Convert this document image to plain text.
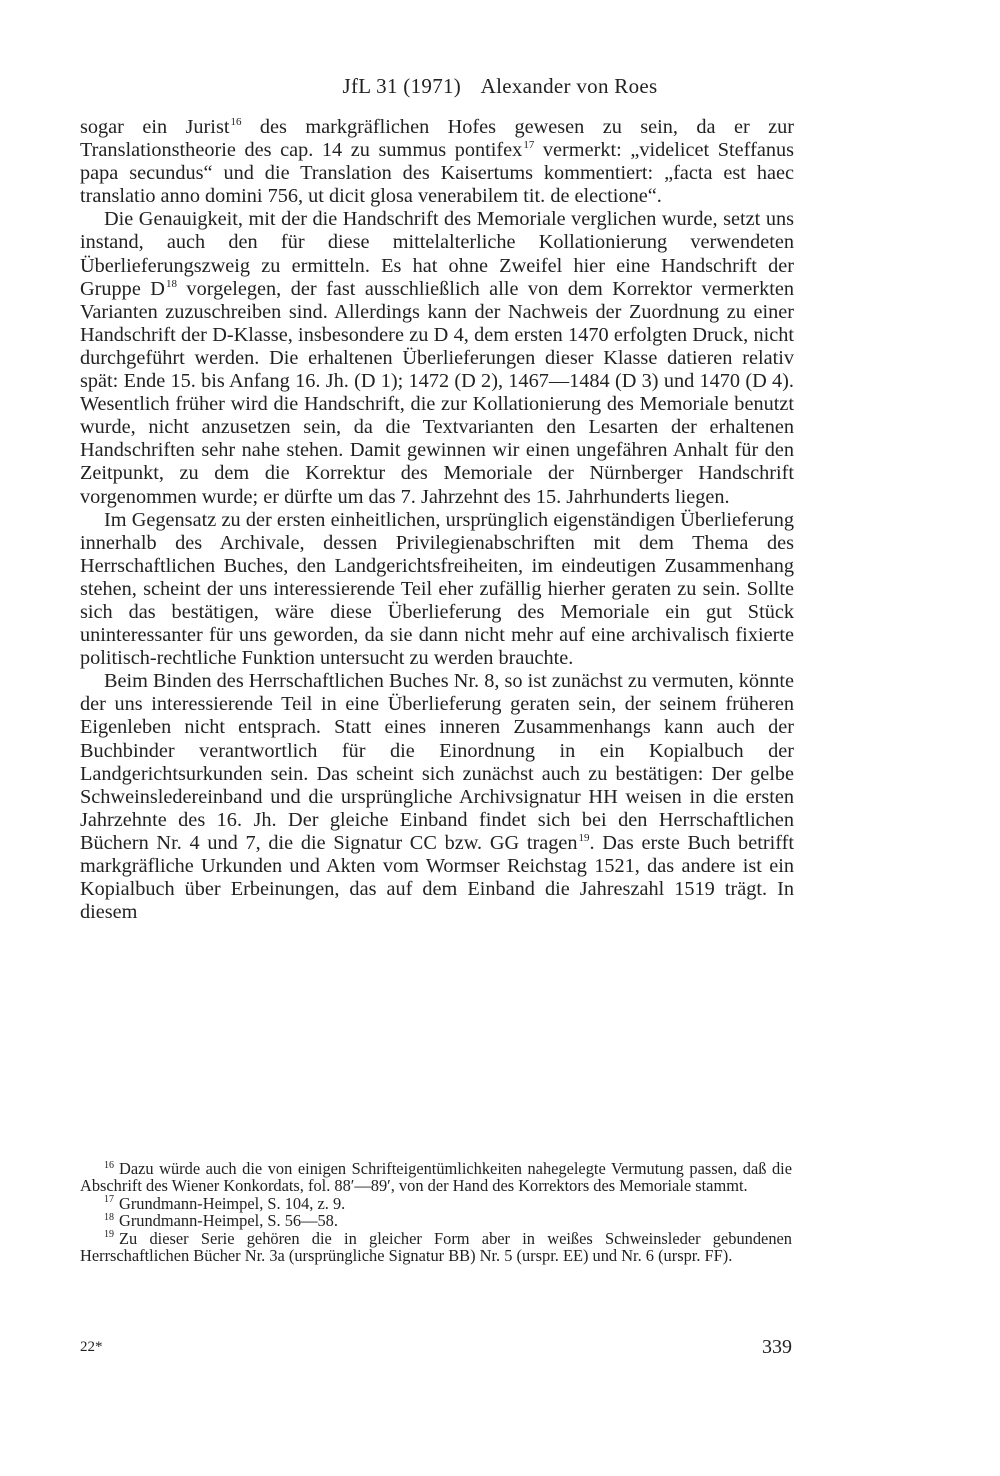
JfL 31 (1971) Alexander von Roes

sogar ein Jurist$^{16}$ des markgräflichen Hofes gewesen zu sein, da er zur Translationstheorie des cap. 14 zu summus pontifex$^{17}$ vermerkt: „videlicet Steffanus papa secundus“ und die Translation des Kaisertums kommentiert: „facta est haec translatio anno domini 756, ut dicit glosa venerabilem tit. de electione“.

Die Genauigkeit, mit der die Handschrift des Memoriale verglichen wurde, setzt uns instand, auch den für diese mittelalterliche Kollationierung verwendeten Überlieferungszweig zu ermitteln. Es hat ohne Zweifel hier eine Handschrift der Gruppe D$^{18}$ vorgelegen, der fast ausschließlich alle von dem Korrektor vermerkten Varianten zuzuschreiben sind. Allerdings kann der Nachweis der Zuordnung zu einer Handschrift der D-Klasse, insbesondere zu D 4, dem ersten 1470 erfolgten Druck, nicht durchgeführt werden. Die erhaltenen Überlieferungen dieser Klasse datieren relativ spät: Ende 15. bis Anfang 16. Jh. (D 1); 1472 (D 2), 1467—1484 (D 3) und 1470 (D 4). Wesentlich früher wird die Handschrift, die zur Kollationierung des Memoriale benutzt wurde, nicht anzusetzen sein, da die Textvarianten den Lesarten der erhaltenen Handschriften sehr nahe stehen. Damit gewinnen wir einen ungefähren Anhalt für den Zeitpunkt, zu dem die Korrektur des Memoriale der Nürnberger Handschrift vorgenommen wurde; er dürfte um das 7. Jahrzehnt des 15. Jahrhunderts liegen.

Im Gegensatz zu der ersten einheitlichen, ursprünglich eigenständigen Überlieferung innerhalb des Archivale, dessen Privilegienabschriften mit dem Thema des Herrschaftlichen Buches, den Landgerichtsfreiheiten, im eindeutigen Zusammenhang stehen, scheint der uns interessierende Teil eher zufällig hierher geraten zu sein. Sollte sich das bestätigen, wäre diese Überlieferung des Memoriale ein gut Stück uninteressanter für uns geworden, da sie dann nicht mehr auf eine archivalisch fixierte politisch-rechtliche Funktion untersucht zu werden brauchte.

Beim Binden des Herrschaftlichen Buches Nr. 8, so ist zunächst zu vermuten, könnte der uns interessierende Teil in eine Überlieferung geraten sein, der seinem früheren Eigenleben nicht entsprach. Statt eines inneren Zusammenhangs kann auch der Buchbinder verantwortlich für die Einordnung in ein Kopialbuch der Landgerichtsurkunden sein. Das scheint sich zunächst auch zu bestätigen: Der gelbe Schweinsledereinband und die ursprüngliche Archivsignatur HH weisen in die ersten Jahrzehnte des 16. Jh. Der gleiche Einband findet sich bei den Herrschaftlichen Büchern Nr. 4 und 7, die die Signatur CC bzw. GG tragen$^{19}$. Das erste Buch betrifft markgräfliche Urkunden und Akten vom Wormser Reichstag 1521, das andere ist ein Kopialbuch über Erbeinungen, das auf dem Einband die Jahreszahl 1519 trägt. In diesem

$^{16}$ Dazu würde auch die von einigen Schrifteigentümlichkeiten nahegelegte Vermutung passen, daß die Abschrift des Wiener Konkordats, fol. 88′—89′, von der Hand des Korrektors des Memoriale stammt.

$^{17}$ Grundmann-Heimpel, S. 104, z. 9.

$^{18}$ Grundmann-Heimpel, S. 56—58.

$^{19}$ Zu dieser Serie gehören die in gleicher Form aber in weißes Schweinsleder gebundenen Herrschaftlichen Bücher Nr. 3a (ursprüngliche Signatur BB) Nr. 5 (urspr. EE) und Nr. 6 (urspr. FF).

22*	339
